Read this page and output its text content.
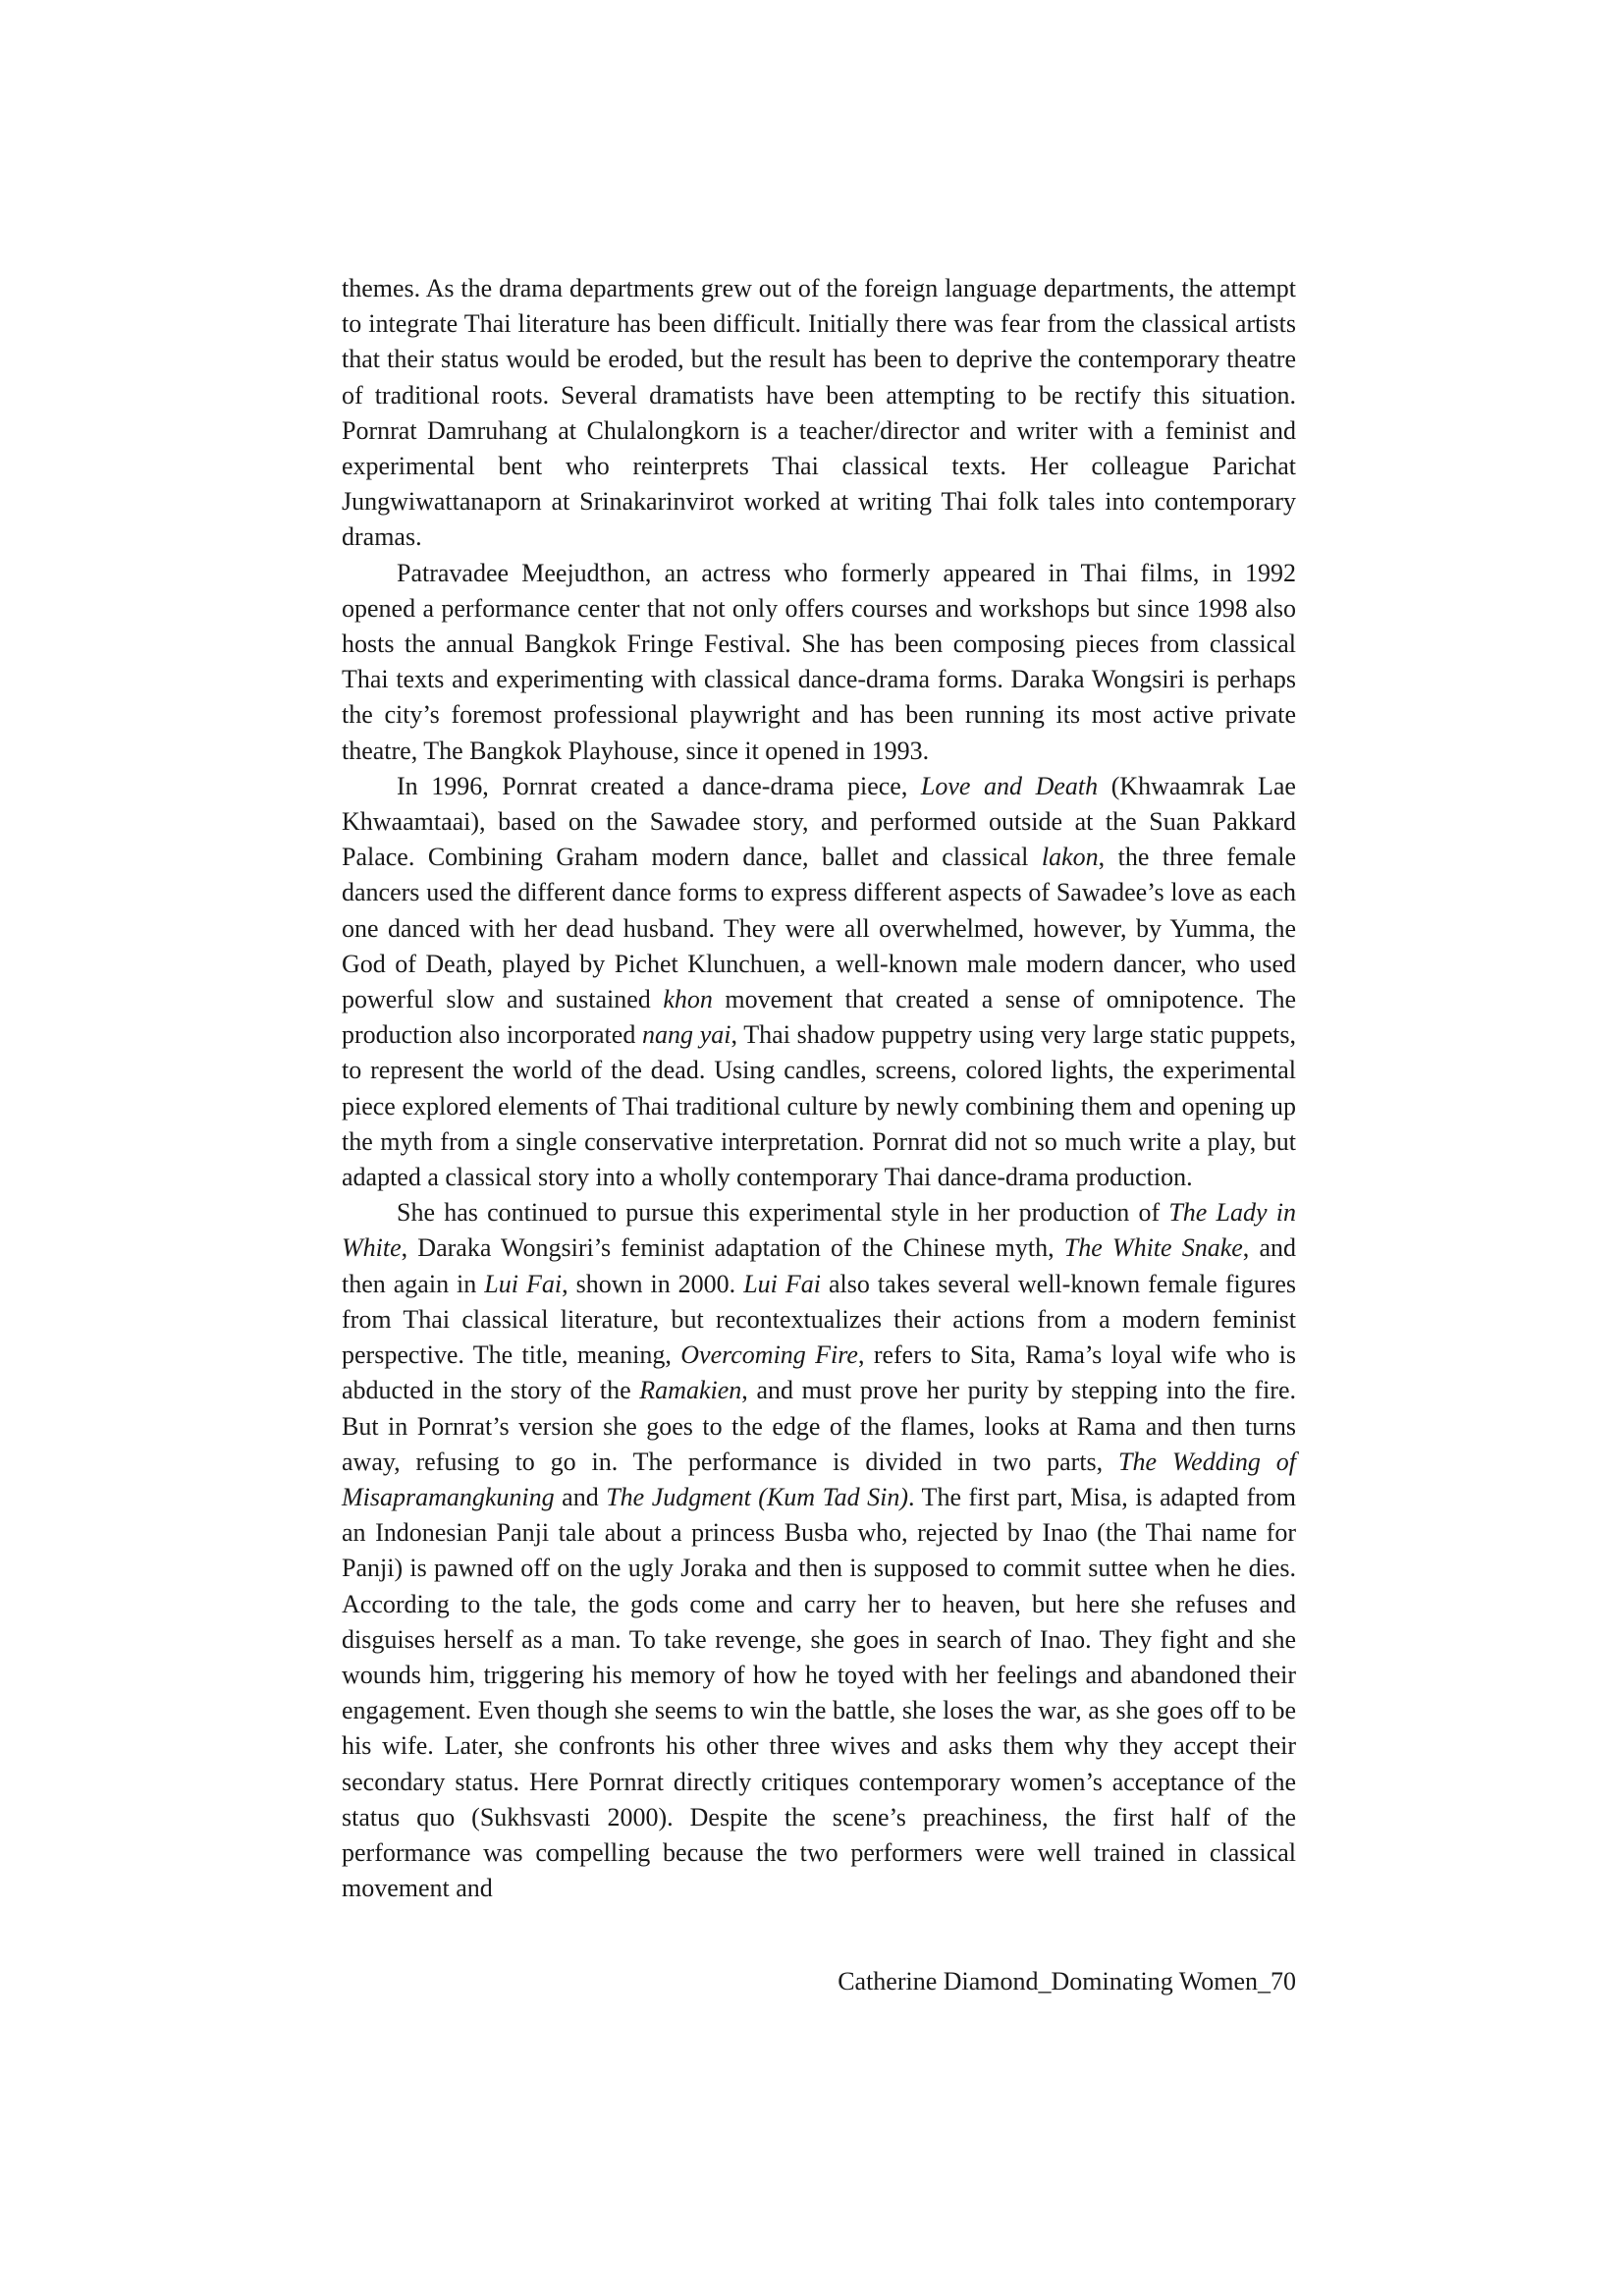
themes. As the drama departments grew out of the foreign language departments, the attempt to integrate Thai literature has been difficult. Initially there was fear from the classical artists that their status would be eroded, but the result has been to deprive the contemporary theatre of traditional roots. Several dramatists have been attempting to be rectify this situation. Pornrat Damruhang at Chulalongkorn is a teacher/director and writer with a feminist and experimental bent who reinterprets Thai classical texts. Her colleague Parichat Jungwiwattanaporn at Srinakarinvirot worked at writing Thai folk tales into contemporary dramas.

Patravadee Meejudthon, an actress who formerly appeared in Thai films, in 1992 opened a performance center that not only offers courses and workshops but since 1998 also hosts the annual Bangkok Fringe Festival. She has been composing pieces from classical Thai texts and experimenting with classical dance-drama forms. Daraka Wongsiri is perhaps the city’s foremost professional playwright and has been running its most active private theatre, The Bangkok Playhouse, since it opened in 1993.

In 1996, Pornrat created a dance-drama piece, Love and Death (Khwaamrak Lae Khwaamtaai), based on the Sawadee story, and performed outside at the Suan Pakkard Palace. Combining Graham modern dance, ballet and classical lakon, the three female dancers used the different dance forms to express different aspects of Sawadee’s love as each one danced with her dead husband. They were all overwhelmed, however, by Yumma, the God of Death, played by Pichet Klunchuen, a well-known male modern dancer, who used powerful slow and sustained khon movement that created a sense of omnipotence. The production also incorporated nang yai, Thai shadow puppetry using very large static puppets, to represent the world of the dead. Using candles, screens, colored lights, the experimental piece explored elements of Thai traditional culture by newly combining them and opening up the myth from a single conservative interpretation. Pornrat did not so much write a play, but adapted a classical story into a wholly contemporary Thai dance-drama production.

She has continued to pursue this experimental style in her production of The Lady in White, Daraka Wongsiri’s feminist adaptation of the Chinese myth, The White Snake, and then again in Lui Fai, shown in 2000. Lui Fai also takes several well-known female figures from Thai classical literature, but recontextualizes their actions from a modern feminist perspective. The title, meaning, Overcoming Fire, refers to Sita, Rama’s loyal wife who is abducted in the story of the Ramakien, and must prove her purity by stepping into the fire. But in Pornrat’s version she goes to the edge of the flames, looks at Rama and then turns away, refusing to go in. The performance is divided in two parts, The Wedding of Misapramangkuning and The Judgment (Kum Tad Sin). The first part, Misa, is adapted from an Indonesian Panji tale about a princess Busba who, rejected by Inao (the Thai name for Panji) is pawned off on the ugly Joraka and then is supposed to commit suttee when he dies. According to the tale, the gods come and carry her to heaven, but here she refuses and disguises herself as a man. To take revenge, she goes in search of Inao. They fight and she wounds him, triggering his memory of how he toyed with her feelings and abandoned their engagement. Even though she seems to win the battle, she loses the war, as she goes off to be his wife. Later, she confronts his other three wives and asks them why they accept their secondary status. Here Pornrat directly critiques contemporary women’s acceptance of the status quo (Sukhsvasti 2000). Despite the scene’s preachiness, the first half of the performance was compelling because the two performers were well trained in classical movement and

Catherine Diamond_Dominating Women_70
